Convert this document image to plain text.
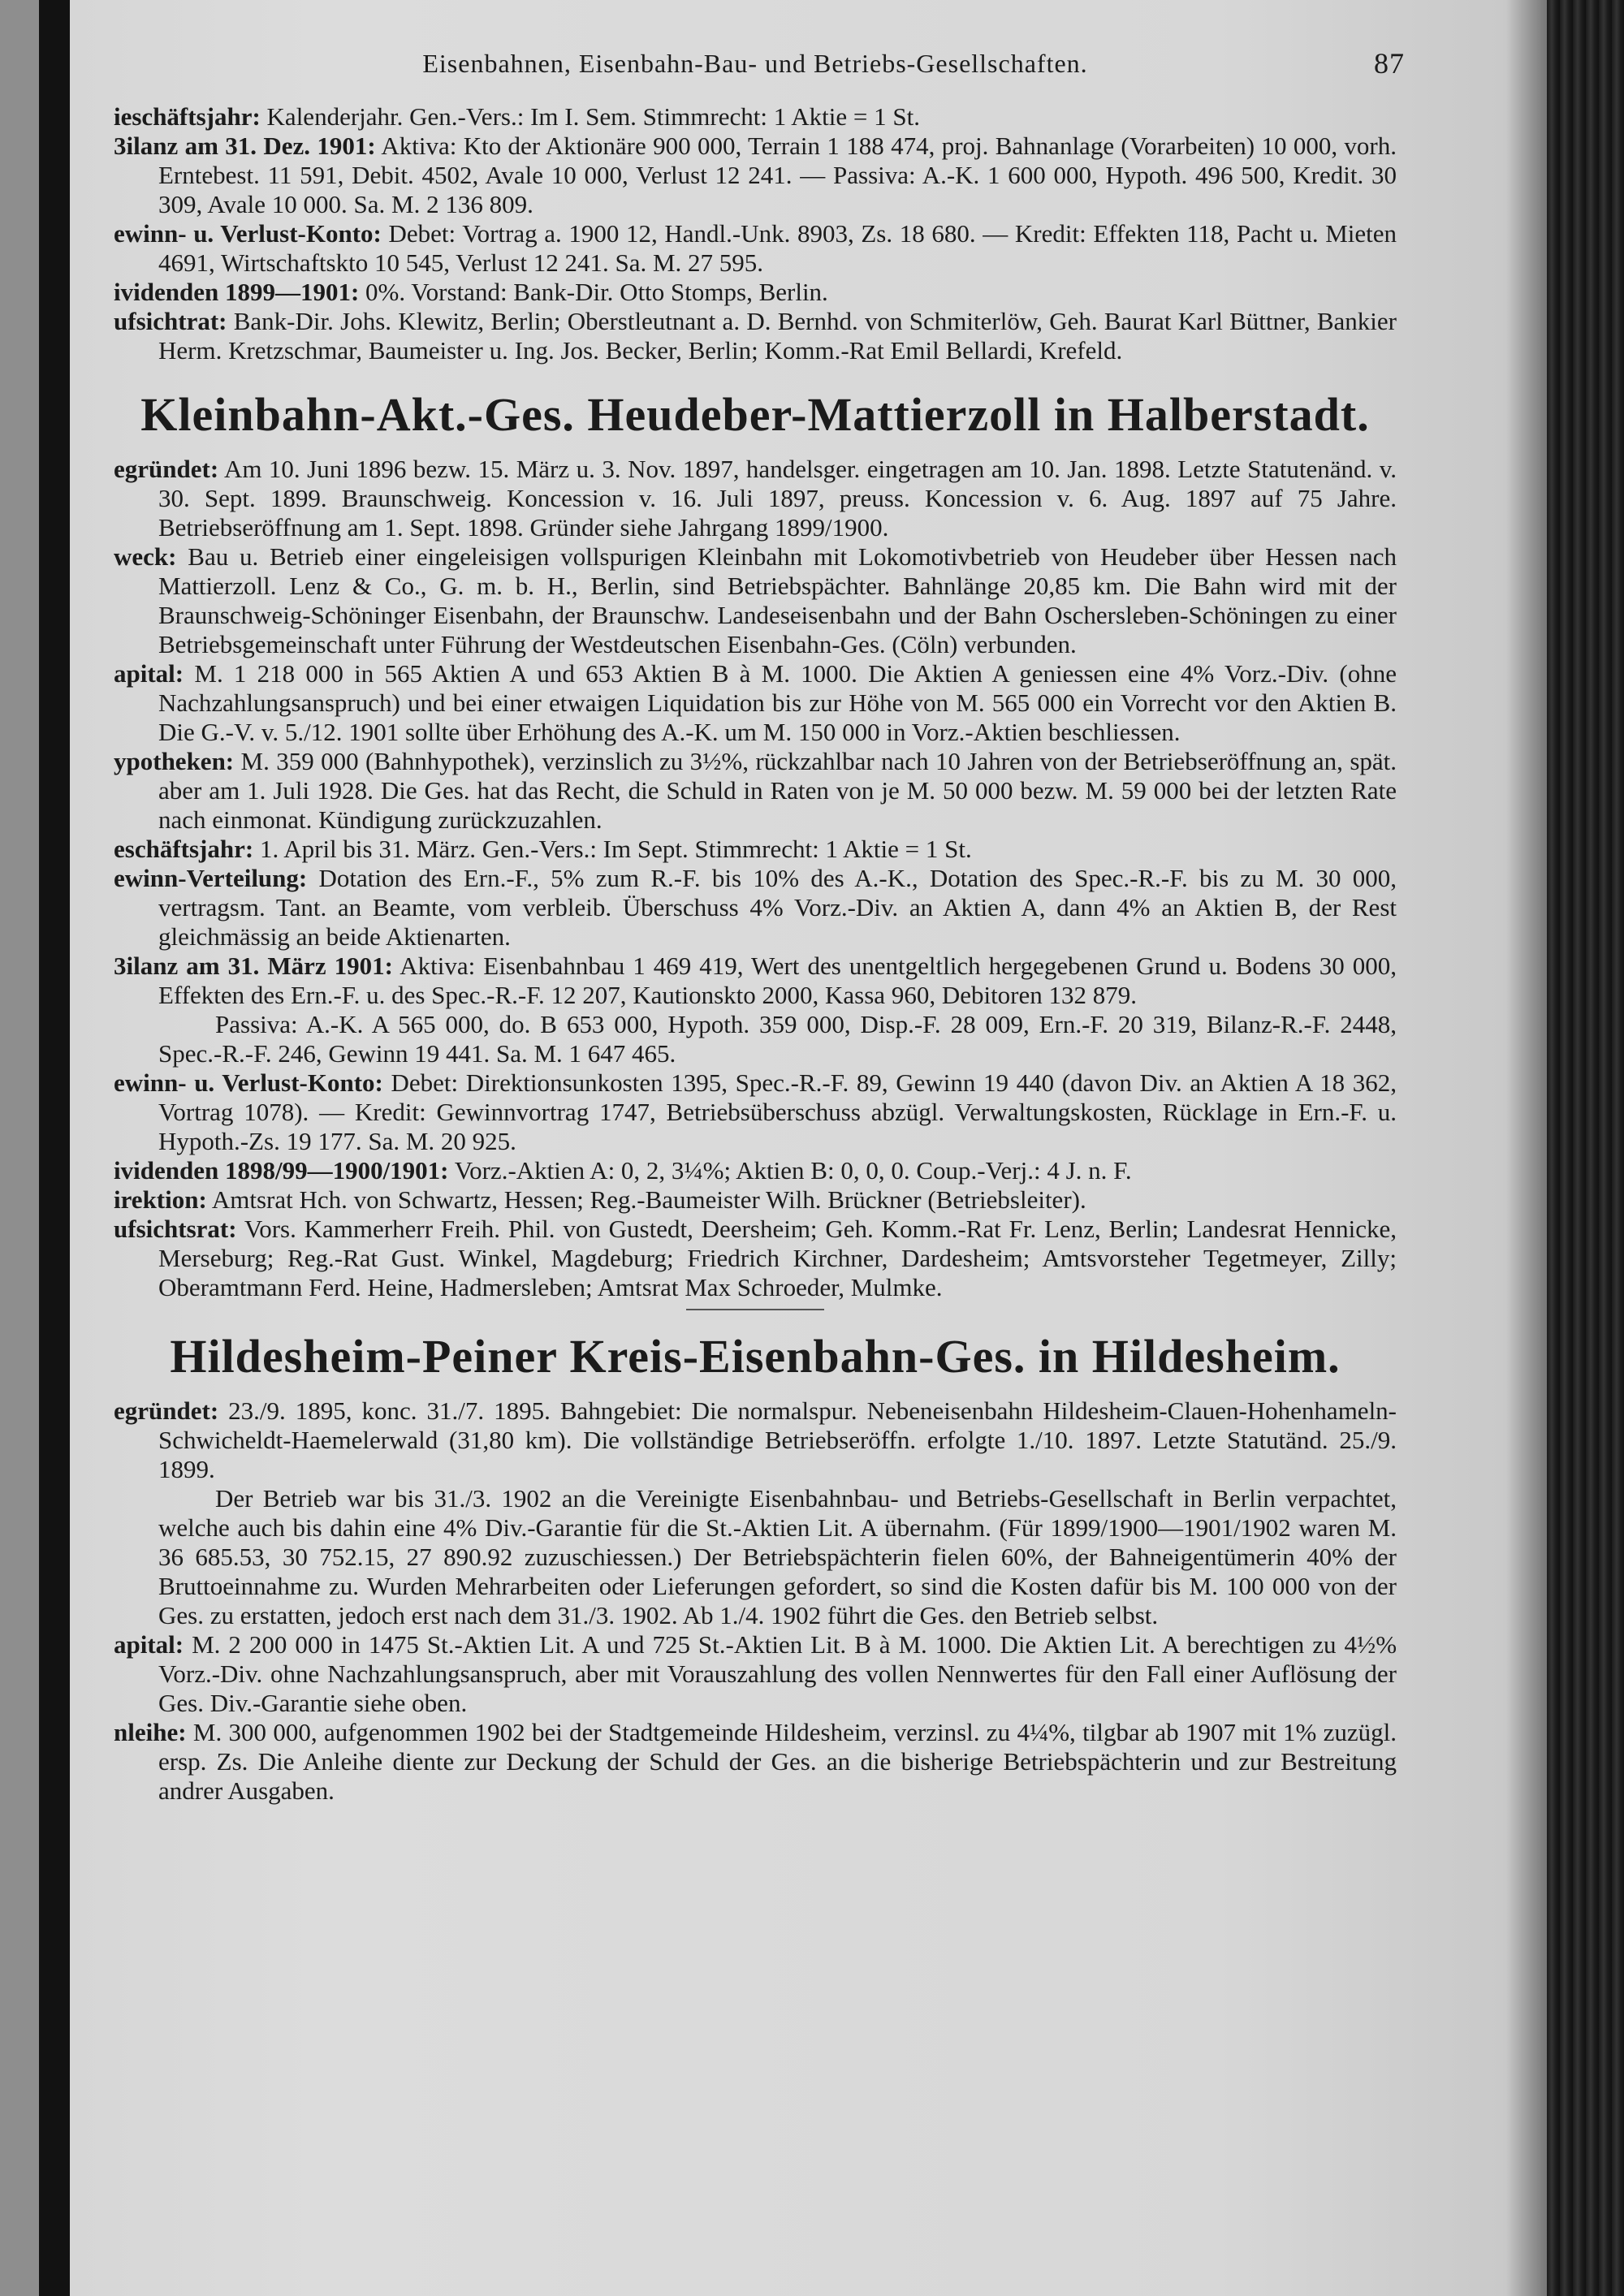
Eisenbahnen, Eisenbahn-Bau- und Betriebs-Gesellschaften.	87

ieschäftsjahr: Kalenderjahr. Gen.-Vers.: Im I. Sem. Stimmrecht: 1 Aktie = 1 St.

3ilanz am 31. Dez. 1901: Aktiva: Kto der Aktionäre 900 000, Terrain 1 188 474, proj. Bahnanlage (Vorarbeiten) 10 000, vorh. Erntebest. 11 591, Debit. 4502, Avale 10 000, Verlust 12 241. — Passiva: A.-K. 1 600 000, Hypoth. 496 500, Kredit. 30 309, Avale 10 000. Sa. M. 2 136 809.

ewinn- u. Verlust-Konto: Debet: Vortrag a. 1900 12, Handl.-Unk. 8903, Zs. 18 680. — Kredit: Effekten 118, Pacht u. Mieten 4691, Wirtschaftskto 10 545, Verlust 12 241. Sa. M. 27 595.

ividenden 1899—1901: 0%. Vorstand: Bank-Dir. Otto Stomps, Berlin.

ufsichtrat: Bank-Dir. Johs. Klewitz, Berlin; Oberstleutnant a. D. Bernhd. von Schmiterlöw, Geh. Baurat Karl Büttner, Bankier Herm. Kretzschmar, Baumeister u. Ing. Jos. Becker, Berlin; Komm.-Rat Emil Bellardi, Krefeld.

Kleinbahn-Akt.-Ges. Heudeber-Mattierzoll in Halberstadt.

egründet: Am 10. Juni 1896 bezw. 15. März u. 3. Nov. 1897, handelsger. eingetragen am 10. Jan. 1898. Letzte Statutenänd. v. 30. Sept. 1899. Braunschweig. Koncession v. 16. Juli 1897, preuss. Koncession v. 6. Aug. 1897 auf 75 Jahre. Betriebseröffnung am 1. Sept. 1898. Gründer siehe Jahrgang 1899/1900.

weck: Bau u. Betrieb einer eingeleisigen vollspurigen Kleinbahn mit Lokomotivbetrieb von Heudeber über Hessen nach Mattierzoll. Lenz & Co., G. m. b. H., Berlin, sind Betriebspächter. Bahnlänge 20,85 km. Die Bahn wird mit der Braunschweig-Schöninger Eisenbahn, der Braunschw. Landeseisenbahn und der Bahn Oschersleben-Schöningen zu einer Betriebsgemeinschaft unter Führung der Westdeutschen Eisenbahn-Ges. (Cöln) verbunden.

apital: M. 1 218 000 in 565 Aktien A und 653 Aktien B à M. 1000. Die Aktien A geniessen eine 4% Vorz.-Div. (ohne Nachzahlungsanspruch) und bei einer etwaigen Liquidation bis zur Höhe von M. 565 000 ein Vorrecht vor den Aktien B. Die G.-V. v. 5./12. 1901 sollte über Erhöhung des A.-K. um M. 150 000 in Vorz.-Aktien beschliessen.

ypotheken: M. 359 000 (Bahnhypothek), verzinslich zu 3½%, rückzahlbar nach 10 Jahren von der Betriebseröffnung an, spät. aber am 1. Juli 1928. Die Ges. hat das Recht, die Schuld in Raten von je M. 50 000 bezw. M. 59 000 bei der letzten Rate nach einmonat. Kündigung zurückzuzahlen.

eschäftsjahr: 1. April bis 31. März. Gen.-Vers.: Im Sept. Stimmrecht: 1 Aktie = 1 St.

ewinn-Verteilung: Dotation des Ern.-F., 5% zum R.-F. bis 10% des A.-K., Dotation des Spec.-R.-F. bis zu M. 30 000, vertragsm. Tant. an Beamte, vom verbleib. Überschuss 4% Vorz.-Div. an Aktien A, dann 4% an Aktien B, der Rest gleichmässig an beide Aktienarten.

3ilanz am 31. März 1901: Aktiva: Eisenbahnbau 1 469 419, Wert des unentgeltlich hergegebenen Grund u. Bodens 30 000, Effekten des Ern.-F. u. des Spec.-R.-F. 12 207, Kautionskto 2000, Kassa 960, Debitoren 132 879.

Passiva: A.-K. A 565 000, do. B 653 000, Hypoth. 359 000, Disp.-F. 28 009, Ern.-F. 20 319, Bilanz-R.-F. 2448, Spec.-R.-F. 246, Gewinn 19 441. Sa. M. 1 647 465.

ewinn- u. Verlust-Konto: Debet: Direktionsunkosten 1395, Spec.-R.-F. 89, Gewinn 19 440 (davon Div. an Aktien A 18 362, Vortrag 1078). — Kredit: Gewinnvortrag 1747, Betriebsüberschuss abzügl. Verwaltungskosten, Rücklage in Ern.-F. u. Hypoth.-Zs. 19 177. Sa. M. 20 925.

ividenden 1898/99—1900/1901: Vorz.-Aktien A: 0, 2, 3¼%; Aktien B: 0, 0, 0. Coup.-Verj.: 4 J. n. F.

irektion: Amtsrat Hch. von Schwartz, Hessen; Reg.-Baumeister Wilh. Brückner (Betriebsleiter).

ufsichtsrat: Vors. Kammerherr Freih. Phil. von Gustedt, Deersheim; Geh. Komm.-Rat Fr. Lenz, Berlin; Landesrat Hennicke, Merseburg; Reg.-Rat Gust. Winkel, Magdeburg; Friedrich Kirchner, Dardesheim; Amtsvorsteher Tegetmeyer, Zilly; Oberamtmann Ferd. Heine, Hadmersleben; Amtsrat Max Schroeder, Mulmke.

Hildesheim-Peiner Kreis-Eisenbahn-Ges. in Hildesheim.

egründet: 23./9. 1895, konc. 31./7. 1895. Bahngebiet: Die normalspur. Nebeneisenbahn Hildesheim-Clauen-Hohenhameln-Schwicheldt-Haemelerwald (31,80 km). Die vollständige Betriebseröffn. erfolgte 1./10. 1897. Letzte Statutänd. 25./9. 1899.

Der Betrieb war bis 31./3. 1902 an die Vereinigte Eisenbahnbau- und Betriebs-Gesellschaft in Berlin verpachtet, welche auch bis dahin eine 4% Div.-Garantie für die St.-Aktien Lit. A übernahm. (Für 1899/1900—1901/1902 waren M. 36 685.53, 30 752.15, 27 890.92 zuzuschiessen.) Der Betriebspächterin fielen 60%, der Bahneigentümerin 40% der Bruttoeinnahme zu. Wurden Mehrarbeiten oder Lieferungen gefordert, so sind die Kosten dafür bis M. 100 000 von der Ges. zu erstatten, jedoch erst nach dem 31./3. 1902. Ab 1./4. 1902 führt die Ges. den Betrieb selbst.

apital: M. 2 200 000 in 1475 St.-Aktien Lit. A und 725 St.-Aktien Lit. B à M. 1000. Die Aktien Lit. A berechtigen zu 4½% Vorz.-Div. ohne Nachzahlungsanspruch, aber mit Vorauszahlung des vollen Nennwertes für den Fall einer Auflösung der Ges. Div.-Garantie siehe oben.

nleihe: M. 300 000, aufgenommen 1902 bei der Stadtgemeinde Hildesheim, verzinsl. zu 4¼%, tilgbar ab 1907 mit 1% zuzügl. ersp. Zs. Die Anleihe diente zur Deckung der Schuld der Ges. an die bisherige Betriebspächterin und zur Bestreitung andrer Ausgaben.
